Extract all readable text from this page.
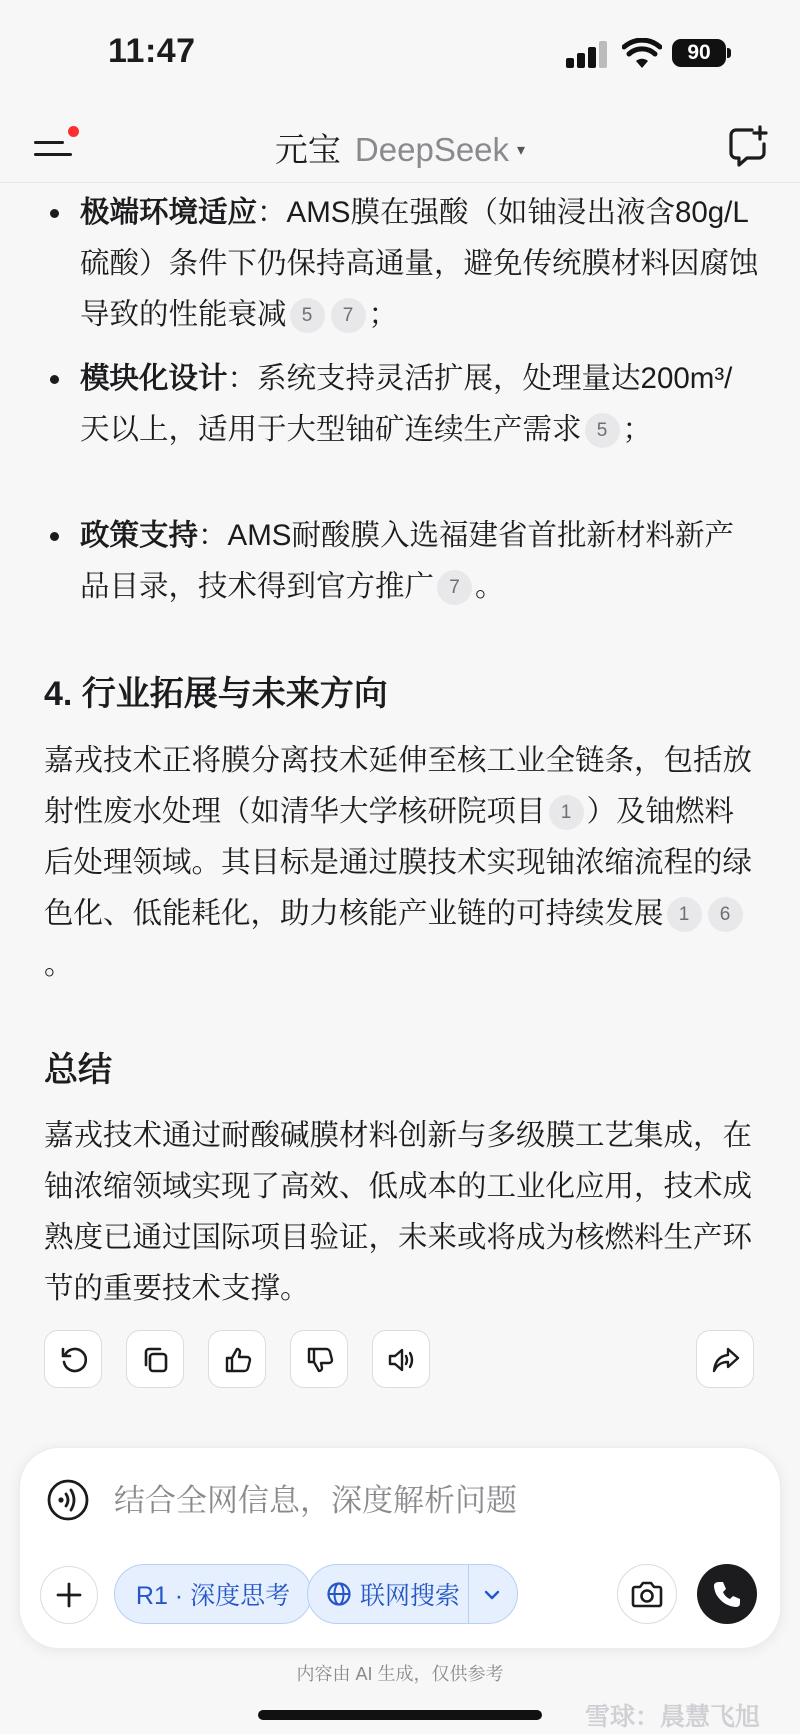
11:47	90
元宝 DeepSeek ▾
极端环境适应：AMS膜在强酸（如铀浸出液含80g/L硫酸）条件下仍保持高通量，避免传统膜材料因腐蚀导致的性能衰减 5 7 ；
模块化设计：系统支持灵活扩展，处理量达200m³/天以上，适用于大型铀矿连续生产需求 5 ；
政策支持：AMS耐酸膜入选福建省首批新材料新产品目录，技术得到官方推广 7 。
4. 行业拓展与未来方向
嘉戎技术正将膜分离技术延伸至核工业全链条，包括放射性废水处理（如清华大学核研院项目 1 ）及铀燃料后处理领域。其目标是通过膜技术实现铀浓缩流程的绿色化、低能耗化，助力核能产业链的可持续发展 1 6。
总结
嘉戎技术通过耐酸碱膜材料创新与多级膜工艺集成，在铀浓缩领域实现了高效、低成本的工业化应用，技术成熟度已通过国际项目验证，未来或将成为核燃料生产环节的重要技术支撑。
结合全网信息，深度解析问题
R1 · 深度思考	联网搜索
内容由 AI 生成，仅供参考
雪球：晨慧飞旭
